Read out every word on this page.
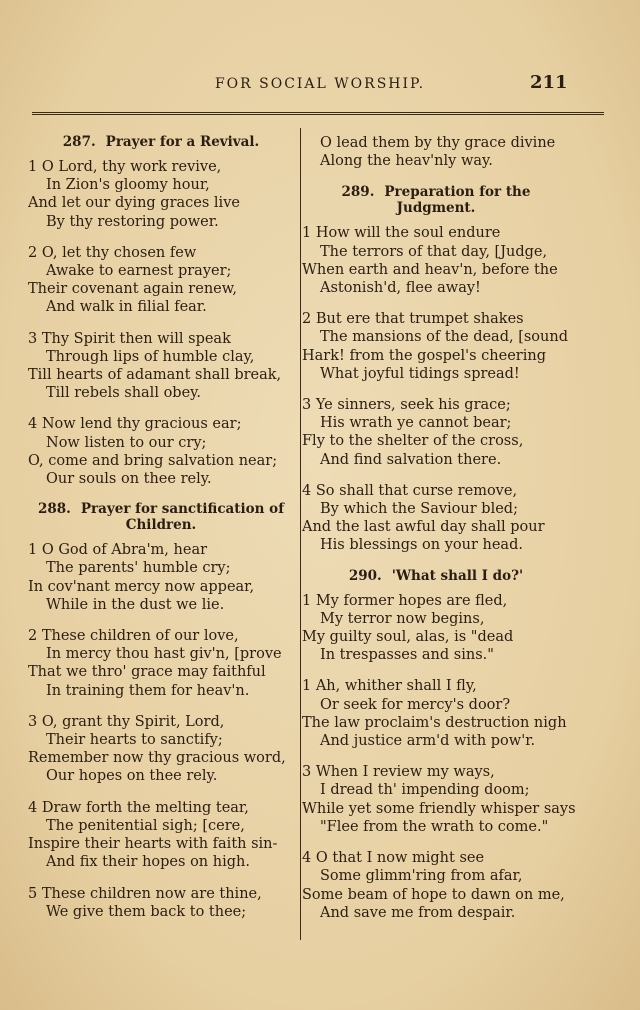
FOR SOCIAL WORSHIP.	211
287. Prayer for a Revival.
1 O Lord, thy work revive,
In Zion's gloomy hour,
And let our dying graces live
By thy restoring power.
2 O, let thy chosen few
Awake to earnest prayer;
Their covenant again renew,
And walk in filial fear.
3 Thy Spirit then will speak
Through lips of humble clay,
Till hearts of adamant shall break,
Till rebels shall obey.
4 Now lend thy gracious ear;
Now listen to our cry;
O, come and bring salvation near;
Our souls on thee rely.
288. Prayer for sanctification of Children.
1 O God of Abra'm, hear
The parents' humble cry;
In cov'nant mercy now appear,
While in the dust we lie.
2 These children of our love,
In mercy thou hast giv'n, [prove
That we thro' grace may faithful
In training them for heav'n.
3 O, grant thy Spirit, Lord,
Their hearts to sanctify;
Remember now thy gracious word,
Our hopes on thee rely.
4 Draw forth the melting tear,
The penitential sigh; [cere,
Inspire their hearts with faith sin-
And fix their hopes on high.
5 These children now are thine,
We give them back to thee;
O lead them by thy grace divine
Along the heav'nly way.
289. Preparation for the Judgment.
1 How will the soul endure
The terrors of that day, [Judge,
When earth and heav'n, before the
Astonish'd, flee away!
2 But ere that trumpet shakes
The mansions of the dead, [sound
Hark! from the gospel's cheering
What joyful tidings spread!
3 Ye sinners, seek his grace;
His wrath ye cannot bear;
Fly to the shelter of the cross,
And find salvation there.
4 So shall that curse remove,
By which the Saviour bled;
And the last awful day shall pour
His blessings on your head.
290. 'What shall I do?'
1 My former hopes are fled,
My terror now begins,
My guilty soul, alas, is "dead
In trespasses and sins."
1 Ah, whither shall I fly,
Or seek for mercy's door?
The law proclaim's destruction nigh
And justice arm'd with pow'r.
3 When I review my ways,
I dread th' impending doom;
While yet some friendly whisper says
"Flee from the wrath to come."
4 O that I now might see
Some glimm'ring from afar,
Some beam of hope to dawn on me,
And save me from despair.
